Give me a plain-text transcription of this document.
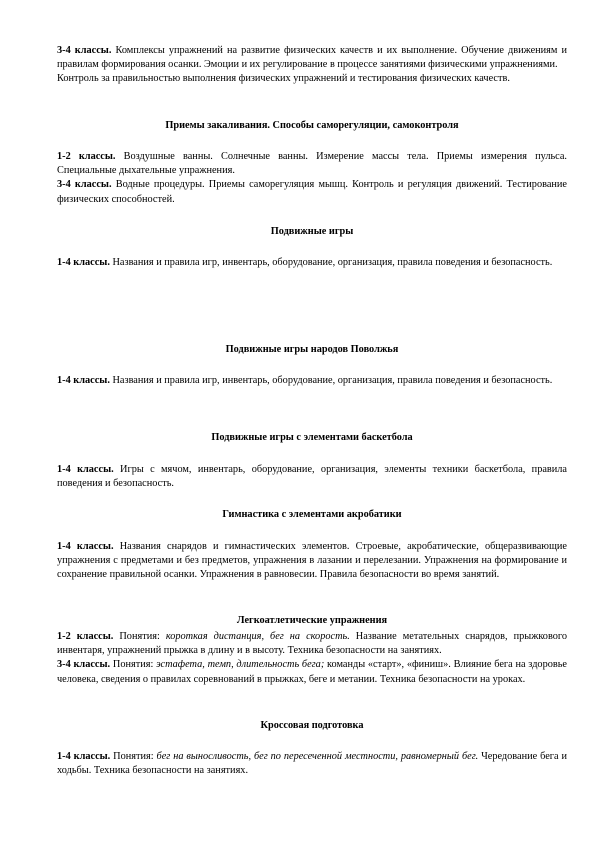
3-4 классы. Комплексы упражнений на развитие физических качеств и их выполнение. Обучение движениям и правилам формирования осанки. Эмоции и их регулирование в процессе занятиями физическими упражнениями.

Контроль за правильностью выполнения физических упражнений и тестирования физических качеств.

Приемы закаливания. Способы саморегуляции, самоконтроля

1-2 классы. Воздушные ванны. Солнечные ванны. Измерение массы тела. Приемы измерения пульса. Специальные дыхательные упражнения.

3-4 классы. Водные процедуры. Приемы саморегуляция мышц. Контроль и регуляция движений. Тестирование физических способностей.

Подвижные игры

1-4 классы. Названия и правила игр, инвентарь, оборудование, организация, правила поведения и безопасность.

Подвижные игры народов Поволжья

1-4 классы. Названия и правила игр, инвентарь, оборудование, организация, правила поведения и безопасность.

Подвижные игры с элементами баскетбола

1-4 классы. Игры с мячом, инвентарь, оборудование, организация, элементы техники баскетбола, правила поведения и безопасность.

Гимнастика с элементами акробатики

1-4 классы. Названия снарядов и гимнастических элементов. Строевые, акробатические, общеразвивающие упражнения с предметами и без предметов, упражнения в лазании и перелезании. Упражнения на формирование и сохранение правильной осанки. Упражнения в равновесии. Правила безопасности во время занятий.

Легкоатлетические упражнения

1-2 классы. Понятия: короткая дистанция, бег на скорость. Название метательных снарядов, прыжкового инвентаря, упражнений прыжка в длину и в высоту. Техника безопасности на занятиях.

3-4 классы. Понятия: эстафета, темп, длительность бега; команды «старт», «финиш». Влияние бега на здоровье человека, сведения о правилах соревнований в прыжках, беге и метании. Техника безопасности на уроках.

Кроссовая подготовка

1-4 классы. Понятия: бег на выносливость, бег по пересеченной местности, равномерный бег. Чередование бега и ходьбы. Техника безопасности на занятиях.
